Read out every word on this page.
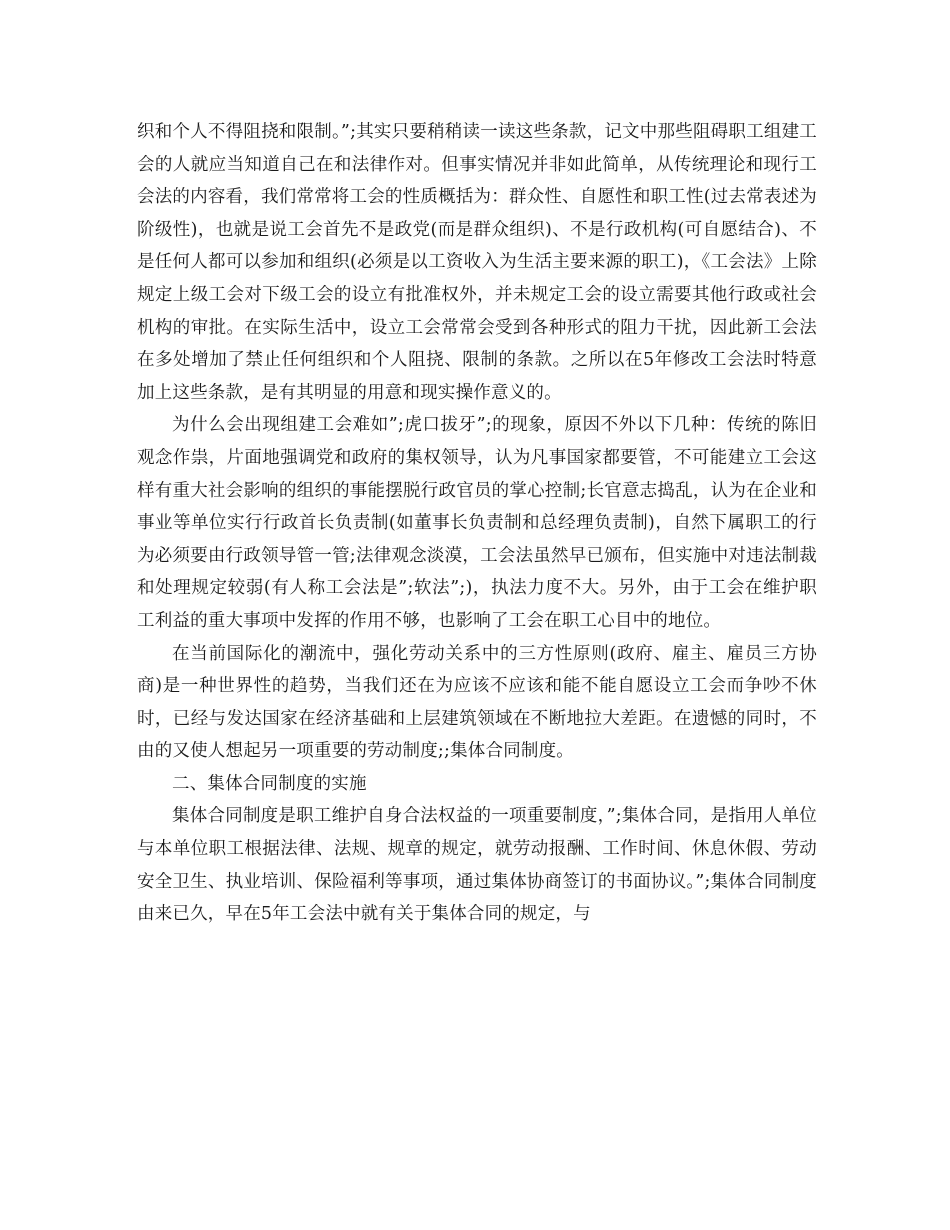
织和个人不得阻挠和限制。”;其实只要稍稍读一读这些条款，记文中那些阻碍职工组建工会的人就应当知道自己在和法律作对。但事实情况并非如此简单，从传统理论和现行工会法的内容看，我们常常将工会的性质概括为：群众性、自愿性和职工性(过去常表述为阶级性)，也就是说工会首先不是政党(而是群众组织)、不是行政机构(可自愿结合)、不是任何人都可以参加和组织(必须是以工资收入为生活主要来源的职工)，《工会法》上除规定上级工会对下级工会的设立有批准权外，并未规定工会的设立需要其他行政或社会机构的审批。在实际生活中，设立工会常常会受到各种形式的阻力干扰，因此新工会法在多处增加了禁止任何组织和个人阻挠、限制的条款。之所以在5年修改工会法时特意加上这些条款，是有其明显的用意和现实操作意义的。

为什么会出现组建工会难如”;虎口拔牙”;的现象，原因不外以下几种：传统的陈旧观念作祟，片面地强调党和政府的集权领导，认为凡事国家都要管，不可能建立工会这样有重大社会影响的组织的事能摆脱行政官员的掌心控制;长官意志捣乱，认为在企业和事业等单位实行行政首长负责制(如董事长负责制和总经理负责制)，自然下属职工的行为必须要由行政领导管一管;法律观念淡漠，工会法虽然早已颁布，但实施中对违法制裁和处理规定较弱(有人称工会法是”;软法”;)，执法力度不大。另外，由于工会在维护职工利益的重大事项中发挥的作用不够，也影响了工会在职工心目中的地位。

在当前国际化的潮流中，强化劳动关系中的三方性原则(政府、雇主、雇员三方协商)是一种世界性的趋势，当我们还在为应该不应该和能不能自愿设立工会而争吵不休时，已经与发达国家在经济基础和上层建筑领域在不断地拉大差距。在遗憾的同时，不由的又使人想起另一项重要的劳动制度;;集体合同制度。

二、集体合同制度的实施

集体合同制度是职工维护自身合法权益的一项重要制度，”;集体合同，是指用人单位与本单位职工根据法律、法规、规章的规定，就劳动报酬、工作时间、休息休假、劳动安全卫生、执业培训、保险福利等事项，通过集体协商签订的书面协议。”;集体合同制度由来已久，早在5年工会法中就有关于集体合同的规定，与
